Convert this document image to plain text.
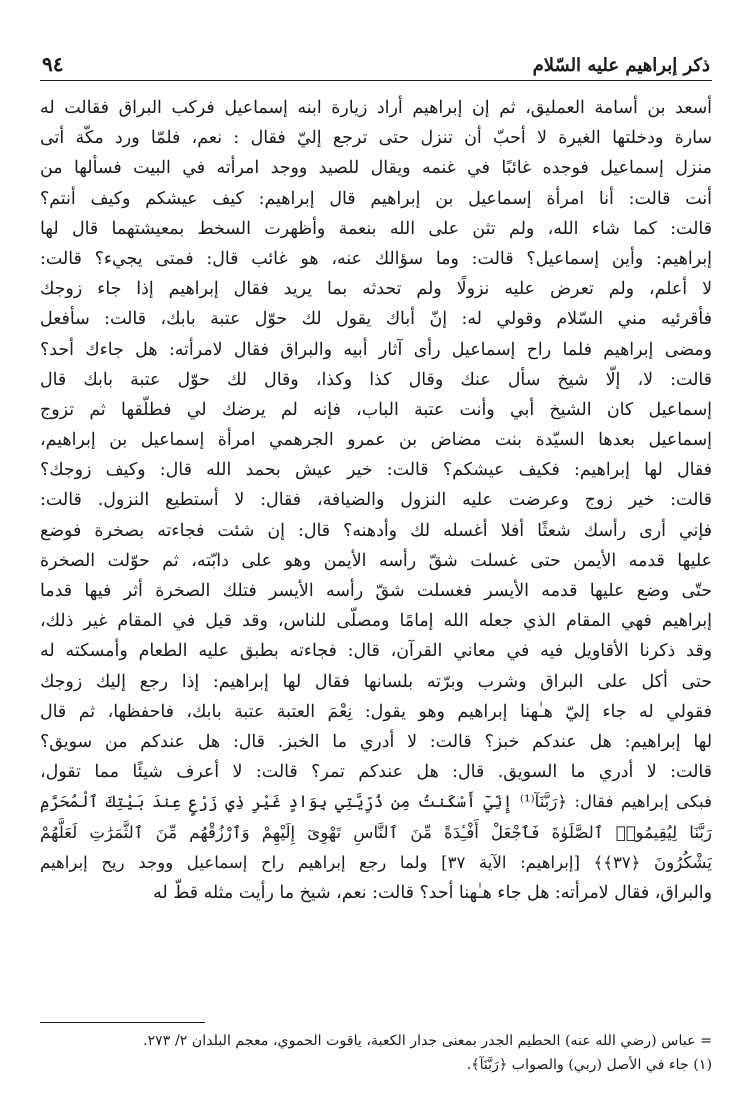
ذكر إبراهيم عليه السّلام
٩٤
أسعد بن أسامة العمليق، ثم إن إبراهيم أراد زيارة ابنه إسماعيل فركب البراق فقالت له
سارة ودخلتها الغيرة لا أحبّ أن تنزل حتى ترجع إليّ فقال : نعم، فلمّا ورد مكّة أتى
منزل إسماعيل فوجده غائبًا في غنمه ويقال للصيد ووجد امرأته في البيت فسألها من
أنت قالت: أنا امرأة إسماعيل بن إبراهيم قال إبراهيم: كيف عيشكم وكيف أنتم؟
قالت: كما شاء الله، ولم تثن على الله بنعمة وأظهرت السخط بمعيشتهما قال لها
إبراهيم: وأين إسماعيل؟ قالت: وما سؤالك عنه، هو غائب قال: فمتى يجيء؟ قالت:
لا أعلم، ولم تعرض عليه نزولًا ولم تحدثه بما يريد فقال إبراهيم إذا جاء زوجك
فأقرئيه مني السّلام وقولي له: إنّ أباك يقول لك حوّل عتبة بابك، قالت: سأفعل
ومضى إبراهيم فلما راح إسماعيل رأى آثار أبيه والبراق فقال لامرأته: هل جاءك أحد؟
قالت: لا، إلّا شيخ سأل عنك وقال كذا وكذا، وقال لك حوّل عتبة بابك قال
إسماعيل كان الشيخ أبي وأنت عتبة الباب، فإنه لم يرضك لي فطلّقها ثم تزوج
إسماعيل بعدها السيّدة بنت مضاض بن عمرو الجرهمي امرأة إسماعيل بن إبراهيم،
فقال لها إبراهيم: فكيف عيشكم؟ قالت: خير عيش بحمد الله قال: وكيف زوجك؟
قالت: خير زوج وعرضت عليه النزول والضيافة، فقال: لا أستطيع النزول. قالت:
فإني أرى رأسك شعثًا أفلا أغسله لك وأدهنه؟ قال: إن شئت فجاءته بصخرة فوضع
عليها قدمه الأيمن حتى غسلت شقّ رأسه الأيمن وهو على دابّته، ثم حوّلت الصخرة
حتّى وضع عليها قدمه الأيسر فغسلت شقّ رأسه الأيسر فتلك الصخرة أثر فيها قدما
إبراهيم فهي المقام الذي جعله الله إمامًا ومصلّى للناس، وقد قيل في المقام غير ذلك،
وقد ذكرنا الأقاويل فيه في معاني القرآن، قال: فجاءته بطبق عليه الطعام وأمسكته له
حتى أكل على البراق وشرب وبرّته بلسانها فقال لها إبراهيم: إذا رجع إليك زوجك
فقولي له جاء إليّ هـٰهنا إبراهيم وهو يقول: نِعْمَ العتبة عتبة بابك، فاحفظها، ثم قال
لها إبراهيم: هل عندكم خبز؟ قالت: لا أدري ما الخبز. قال: هل عندكم من سويق؟
قالت: لا أدري ما السويق. قال: هل عندكم تمر؟ قالت: لا أعرف شيئًا مما تقول،
فبكى إبراهيم فقال: ﴿رَبَّنَآ⁽¹⁾ إِنِّيٓ أَسْكَنتُ مِن ذُرِّيَّتِي بِوَادٍ غَيْرِ ذِي زَرْعٍ عِندَ بَيْتِكَ ٱلْمُحَرَّمِ
رَبَّنَا لِيُقِيمُوا۟ ٱلصَّلَوٰةَ فَٱجْعَلْ أَفْـِٔدَةً مِّنَ ٱلنَّاسِ تَهْوِىٓ إِلَيْهِمْ وَٱرْزُقْهُم مِّنَ ٱلثَّمَرَٰتِ لَعَلَّهُمْ
يَشْكُرُونَ ﴿٣٧﴾﴾ [إبراهيم: الآية ٣٧] ولما رجع إبراهيم راح إسماعيل ووجد ريح إبراهيم
والبراق، فقال لامرأته: هل جاء هـٰهنا أحد؟ قالت: نعم، شيخ ما رأيت مثله قطّ له
= عباس (رضي الله عنه) الحطيم الجدر بمعنى جدار الكعبة، ياقوت الحموي، معجم البلدان ٢/ ٢٧٣.
(١) جاء في الأصل (ربي) والصواب ﴿رَبَّنَآ﴾.
